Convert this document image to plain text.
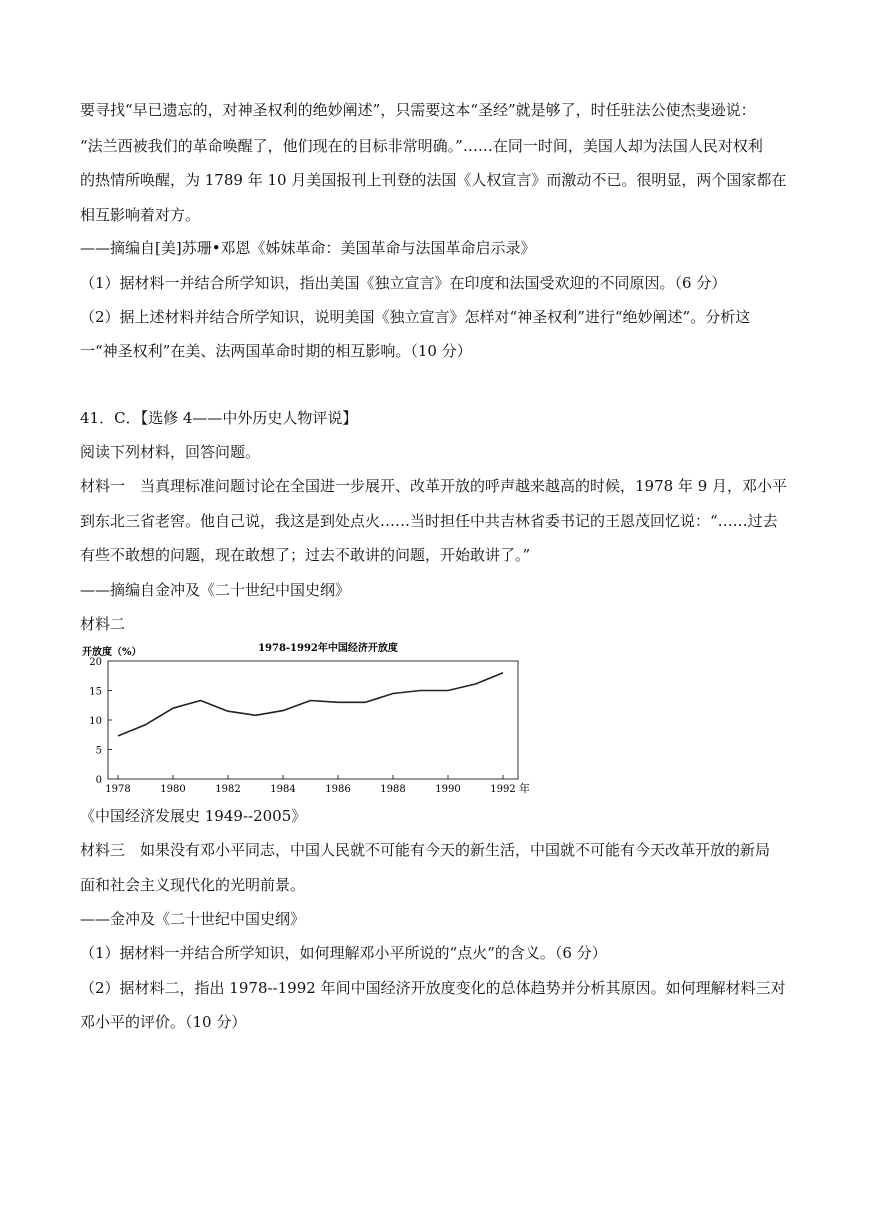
要寻找“早已遗忘的，对神圣权利的绝妙阐述”，只需要这本“圣经”就是够了，时任驻法公使杰斐逊说：
“法兰西被我们的革命唤醒了，他们现在的目标非常明确。”……在同一时间，美国人却为法国人民对权利
的热情所唤醒，为 1789 年 10 月美国报刊上刊登的法国《人权宣言》而激动不已。很明显，两个国家都在
相互影响着对方。
——摘编自[美]苏珊•邓恩《姊妹革命：美国革命与法国革命启示录》
（1）据材料一并结合所学知识，指出美国《独立宣言》在印度和法国受欢迎的不同原因。（6 分）
（2）据上述材料并结合所学知识，说明美国《独立宣言》怎样对“神圣权利”进行“绝妙阐述”。分析这
一“神圣权利”在美、法两国革命时期的相互影响。（10 分）
41．C．【选修 4——中外历史人物评说】
阅读下列材料，回答问题。
材料一　当真理标准问题讨论在全国进一步展开、改革开放的呼声越来越高的时候，1978 年 9 月，邓小平
到东北三省老窖。他自己说，我这是到处点火……当时担任中共吉林省委书记的王恩茂回忆说：“……过去
有些不敢想的问题，现在敢想了；过去不敢讲的问题，开始敢讲了。”
——摘编自金冲及《二十世纪中国史纲》
材料二
开放度（%）	1978-1992年中国经济开放度
0
5
10
15
20
1978	1980	1982	1984	1986	1988	1990	1992 年
《中国经济发展史 1949--2005》
材料三　如果没有邓小平同志，中国人民就不可能有今天的新生活，中国就不可能有今天改革开放的新局
面和社会主义现代化的光明前景。
——金冲及《二十世纪中国史纲》
（1）据材料一并结合所学知识，如何理解邓小平所说的“点火”的含义。（6 分）
（2）据材料二，指出 1978--1992 年间中国经济开放度变化的总体趋势并分析其原因。如何理解材料三对
邓小平的评价。（10 分）
